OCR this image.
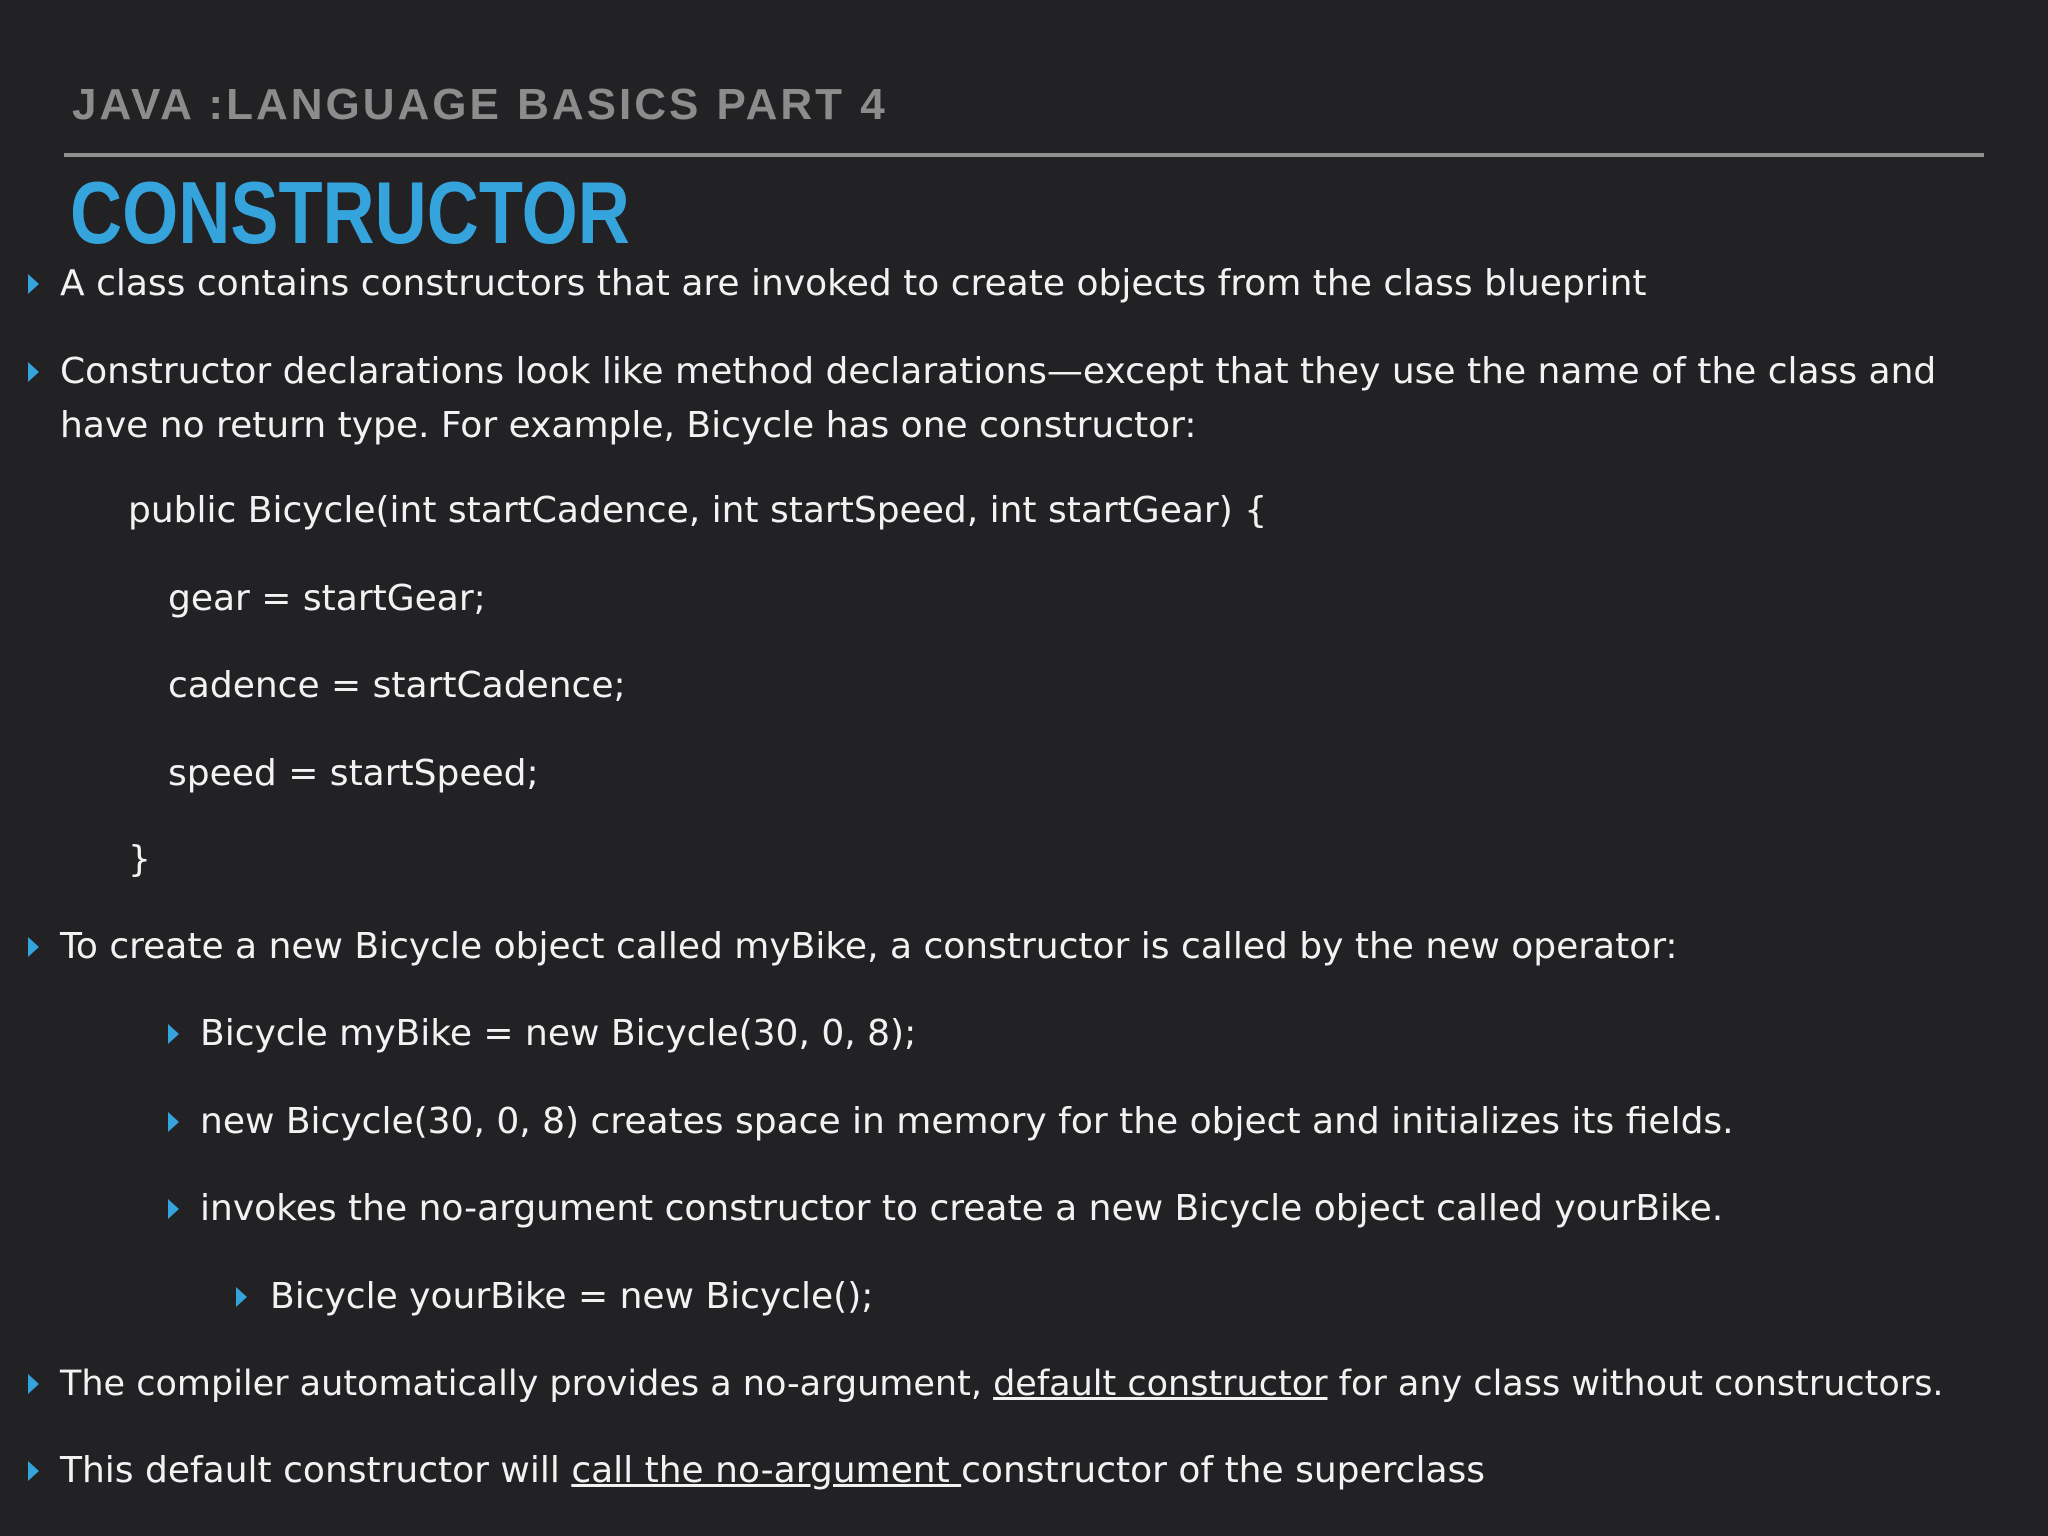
JAVA :LANGUAGE BASICS PART 4
CONSTRUCTOR
A class contains constructors that are invoked to create objects from the class blueprint
Constructor declarations look like method declarations—except that they use the name of the class and
have no return type. For example, Bicycle has one constructor:
public Bicycle(int startCadence, int startSpeed, int startGear) {
gear = startGear;
cadence = startCadence;
speed = startSpeed;
}
To create a new Bicycle object called myBike, a constructor is called by the new operator:
Bicycle myBike = new Bicycle(30, 0, 8);
new Bicycle(30, 0, 8) creates space in memory for the object and initializes its fields.
invokes the no-argument constructor to create a new Bicycle object called yourBike.
Bicycle yourBike = new Bicycle();
The compiler automatically provides a no-argument, default constructor for any class without constructors.
This default constructor will call the no-argument constructor of the superclass
